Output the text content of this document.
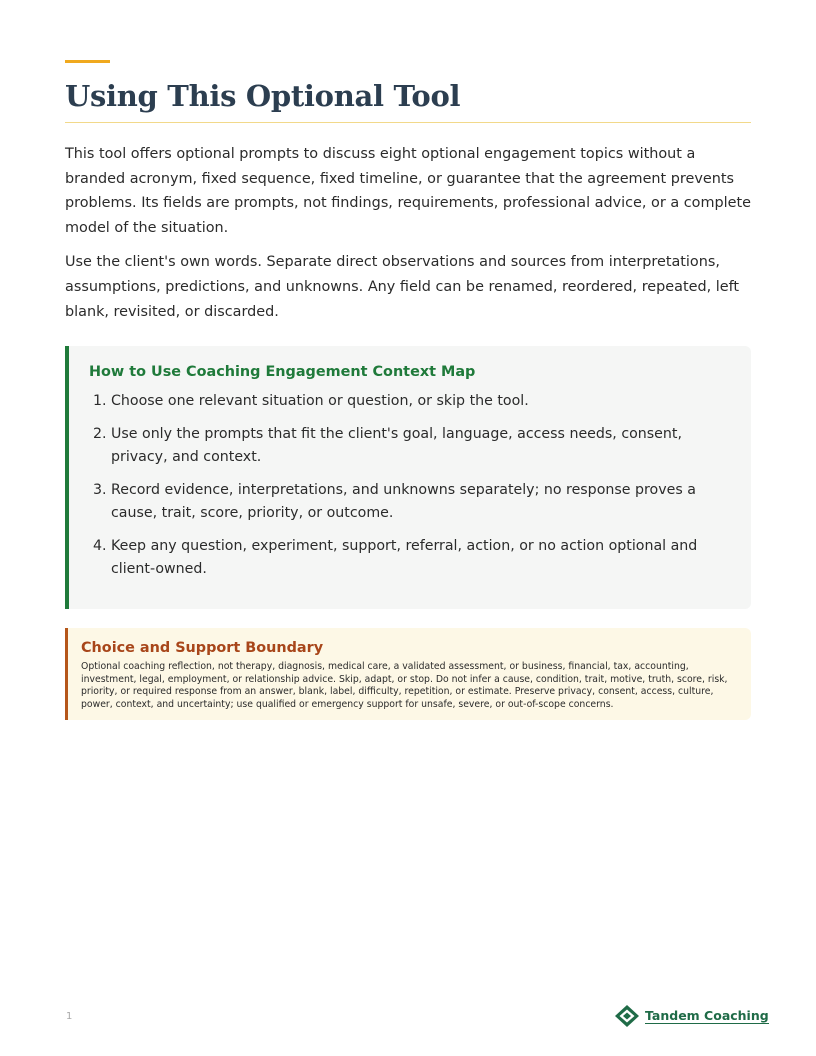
Using This Optional Tool

This tool offers optional prompts to discuss eight optional engagement topics without a branded acronym, fixed sequence, fixed timeline, or guarantee that the agreement prevents problems. Its fields are prompts, not findings, requirements, professional advice, or a complete model of the situation.

Use the client's own words. Separate direct observations and sources from interpretations, assumptions, predictions, and unknowns. Any field can be renamed, reordered, repeated, left blank, revisited, or discarded.

How to Use Coaching Engagement Context Map
1. Choose one relevant situation or question, or skip the tool.
2. Use only the prompts that fit the client's goal, language, access needs, consent, privacy, and context.
3. Record evidence, interpretations, and unknowns separately; no response proves a cause, trait, score, priority, or outcome.
4. Keep any question, experiment, support, referral, action, or no action optional and client-owned.
Choice and Support Boundary

Optional coaching reflection, not therapy, diagnosis, medical care, a validated assessment, or business, financial, tax, accounting, investment, legal, employment, or relationship advice. Skip, adapt, or stop. Do not infer a cause, condition, trait, motive, truth, score, risk, priority, or required response from an answer, blank, label, difficulty, repetition, or estimate. Preserve privacy, consent, access, culture, power, context, and uncertainty; use qualified or emergency support for unsafe, severe, or out-of-scope concerns.

1	Tandem Coaching
